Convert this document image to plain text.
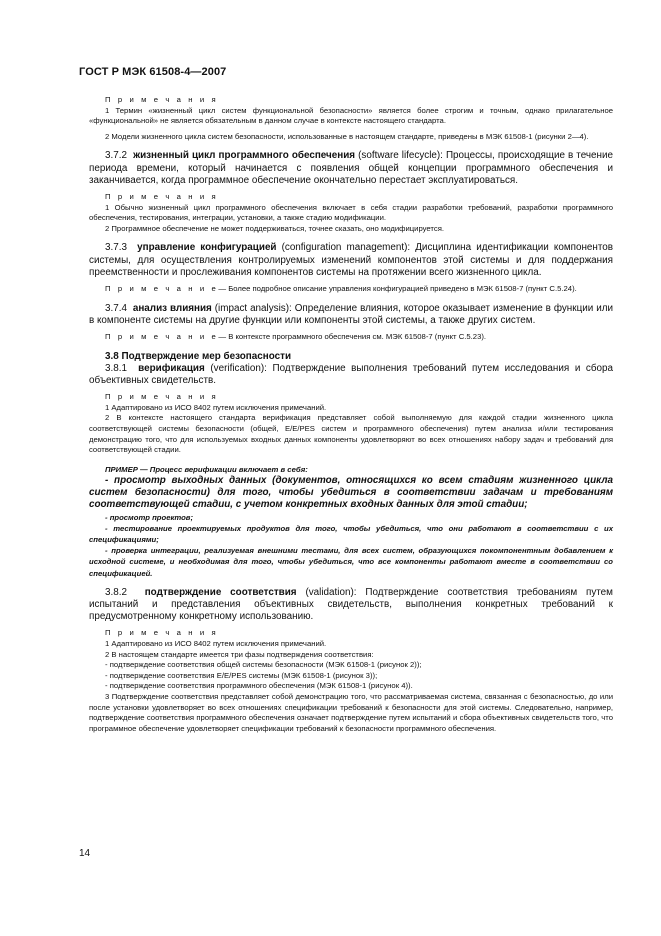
ГОСТ Р МЭК 61508-4—2007

П р и м е ч а н и я

1 Термин «жизненный цикл систем функциональной безопасности» является более строгим и точным, однако прилагательное «функциональной» не является обязательным в данном случае в контексте настоящего стандарта.

2 Модели жизненного цикла систем безопасности, использованные в настоящем стандарте, приведены в МЭК 61508-1 (рисунки 2—4).

3.7.2 жизненный цикл программного обеспечения (software lifecycle): Процессы, происходящие в течение периода времени, который начинается с появления общей концепции программного обеспечения и заканчивается, когда программное обеспечение окончательно перестает эксплуатироваться.

П р и м е ч а н и я

1 Обычно жизненный цикл программного обеспечения включает в себя стадии разработки требований, разработки программного обеспечения, тестирования, интеграции, установки, а также стадию модификации.

2 Программное обеспечение не может поддерживаться, точнее сказать, оно модифицируется.

3.7.3 управление конфигурацией (configuration management): Дисциплина идентификации компонентов системы, для осуществления контролируемых изменений компонентов этой системы и для поддержания преемственности и прослеживания компонентов системы на протяжении всего жизненного цикла.

П р и м е ч а н и е— Более подробное описание управления конфигурацией приведено в МЭК 61508-7 (пункт С.5.24).

3.7.4 анализ влияния (impact analysis): Определение влияния, которое оказывает изменение в функции или в компоненте системы на другие функции или компоненты этой системы, а также других систем.

П р и м е ч а н и е— В контексте программного обеспечения см. МЭК 61508-7 (пункт С.5.23).

3.8 Подтверждение мер безопасности

3.8.1 верификация (verification): Подтверждение выполнения требований путем исследования и сбора объективных свидетельств.

П р и м е ч а н и я

1 Адаптировано из ИСО 8402 путем исключения примечаний.

2 В контексте настоящего стандарта верификация представляет собой выполняемую для каждой стадии жизненного цикла соответствующей системы безопасности (общей, E/E/PES систем и программного обеспечения) путем анализа и/или тестирования демонстрацию того, что для используемых входных данных компоненты удовлетворяют во всех отношениях набору задач и требований для соответствующей стадии.

ПРИМЕР — Процесс верификации включает в себя:

- просмотр выходных данных (документов, относящихся ко всем стадиям жизненного цикла систем безопасности) для того, чтобы убедиться в соответствии задачам и требованиям соответствующей стадии, с учетом конкретных входных данных для этой стадии;

- просмотр проектов;

- тестирование проектируемых продуктов для того, чтобы убедиться, что они работают в соответствии с их спецификациями;

- проверка интеграции, реализуемая внешними тестами, для всех систем, образующихся покомпонентным добавлением к исходной системе, и необходимая для того, чтобы убедиться, что все компоненты работают вместе в соответствии со спецификацией.

3.8.2 подтверждение соответствия (validation): Подтверждение соответствия требованиям путем испытаний и представления объективных свидетельств, выполнения конкретных требований к предусмотренному конкретному использованию.

П р и м е ч а н и я

1 Адаптировано из ИСО 8402 путем исключения примечаний.

2 В настоящем стандарте имеется три фазы подтверждения соответствия:

- подтверждение соответствия общей системы безопасности (МЭК 61508-1 (рисунок 2));

- подтверждение соответствия E/E/PES системы (МЭК 61508-1 (рисунок 3));

- подтверждение соответствия программного обеспечения (МЭК 61508-1 (рисунок 4)).

3 Подтверждение соответствия представляет собой демонстрацию того, что рассматриваемая система, связанная с безопасностью, до или после установки удовлетворяет во всех отношениях спецификации требований к безопасности для этой системы. Следовательно, например, подтверждение соответствия программного обеспечения означает подтверждение путем испытаний и сбора объективных свидетельств того, что программное обеспечение удовлетворяет спецификации требований к безопасности программного обеспечения.

14
